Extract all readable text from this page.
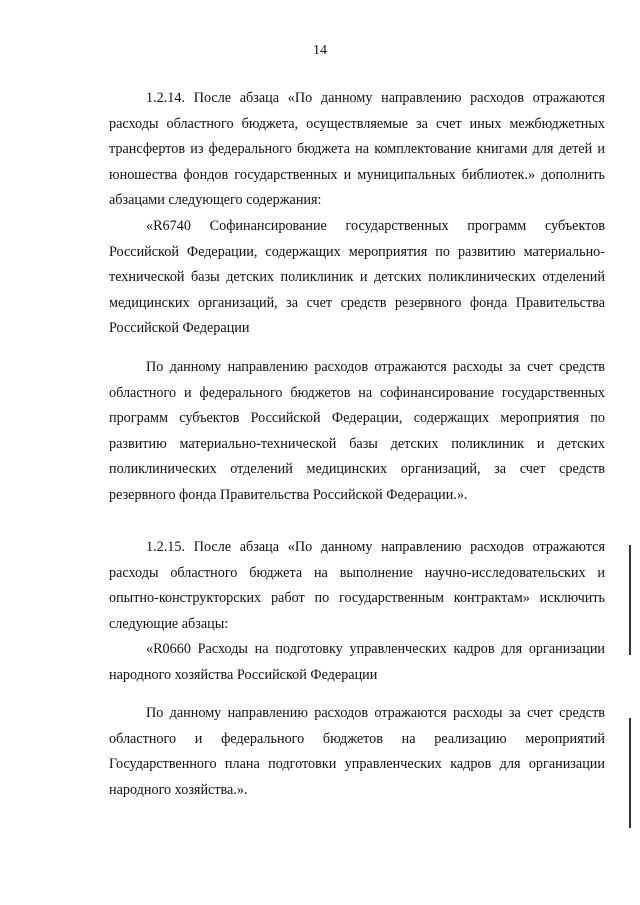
14
1.2.14. После абзаца «По данному направлению расходов отражаются расходы областного бюджета, осуществляемые за счет иных межбюджетных трансфертов из федерального бюджета на комплектование книгами для детей и юношества фондов государственных и муниципальных библиотек.» дополнить абзацами следующего содержания:
«R6740 Софинансирование государственных программ субъектов Российской Федерации, содержащих мероприятия по развитию материально-технической базы детских поликлиник и детских поликлинических отделений медицинских организаций, за счет средств резервного фонда Правительства Российской Федерации
По данному направлению расходов отражаются расходы за счет средств областного и федерального бюджетов на софинансирование государственных программ субъектов Российской Федерации, содержащих мероприятия по развитию материально-технической базы детских поликлиник и детских поликлинических отделений медицинских организаций, за счет средств резервного фонда Правительства Российской Федерации.».
1.2.15. После абзаца «По данному направлению расходов отражаются расходы областного бюджета на выполнение научно-исследовательских и опытно-конструкторских работ по государственным контрактам» исключить следующие абзацы:
«R0660 Расходы на подготовку управленческих кадров для организации народного хозяйства Российской Федерации
По данному направлению расходов отражаются расходы за счет средств областного и федерального бюджетов на реализацию мероприятий Государственного плана подготовки управленческих кадров для организации народного хозяйства.».
